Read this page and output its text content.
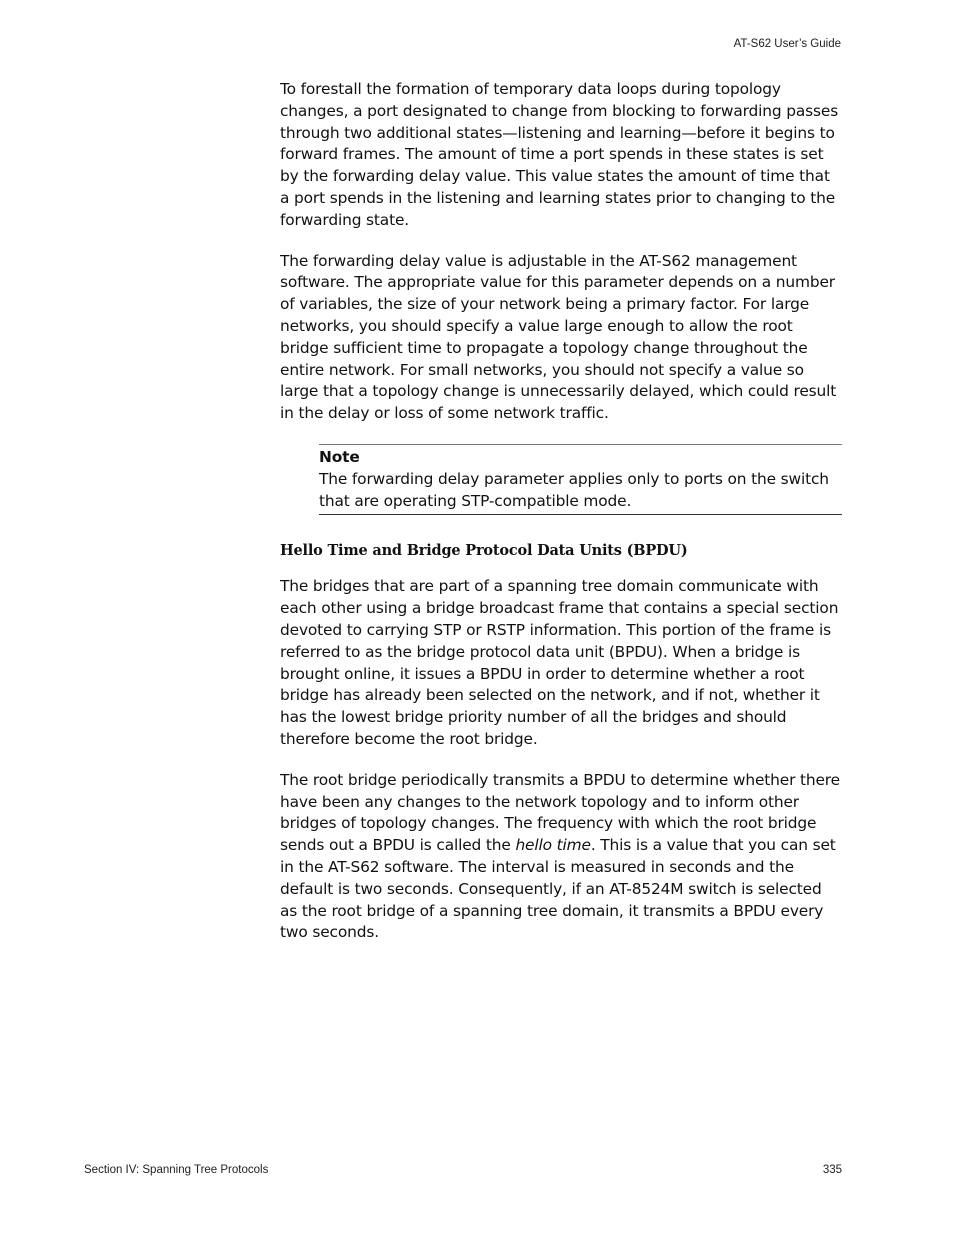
AT-S62 User’s Guide

To forestall the formation of temporary data loops during topology changes, a port designated to change from blocking to forwarding passes through two additional states—listening and learning—before it begins to forward frames. The amount of time a port spends in these states is set by the forwarding delay value. This value states the amount of time that a port spends in the listening and learning states prior to changing to the forwarding state.

The forwarding delay value is adjustable in the AT-S62 management software. The appropriate value for this parameter depends on a number of variables, the size of your network being a primary factor. For large networks, you should specify a value large enough to allow the root bridge sufficient time to propagate a topology change throughout the entire network. For small networks, you should not specify a value so large that a topology change is unnecessarily delayed, which could result in the delay or loss of some network traffic.

Note
The forwarding delay parameter applies only to ports on the switch that are operating STP-compatible mode.
Hello Time and Bridge Protocol Data Units (BPDU)

The bridges that are part of a spanning tree domain communicate with each other using a bridge broadcast frame that contains a special section devoted to carrying STP or RSTP information. This portion of the frame is referred to as the bridge protocol data unit (BPDU). When a bridge is brought online, it issues a BPDU in order to determine whether a root bridge has already been selected on the network, and if not, whether it has the lowest bridge priority number of all the bridges and should therefore become the root bridge.

The root bridge periodically transmits a BPDU to determine whether there have been any changes to the network topology and to inform other bridges of topology changes. The frequency with which the root bridge sends out a BPDU is called the hello time. This is a value that you can set in the AT-S62 software. The interval is measured in seconds and the default is two seconds. Consequently, if an AT-8524M switch is selected as the root bridge of a spanning tree domain, it transmits a BPDU every two seconds.

Section IV: Spanning Tree Protocols	335
